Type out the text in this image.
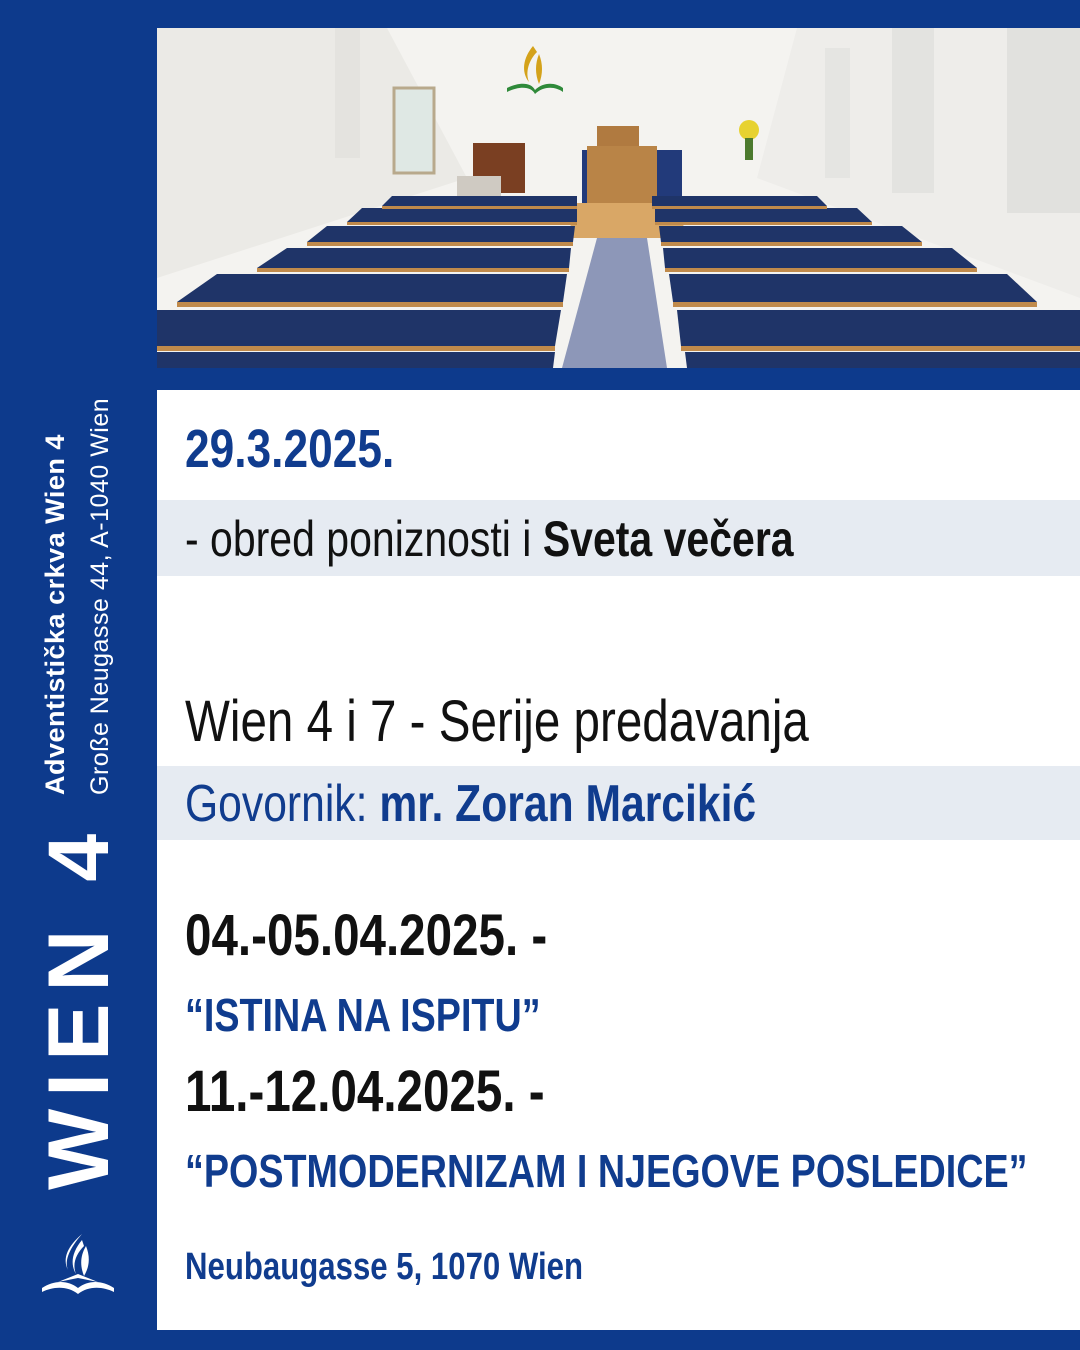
Adventistička crkva Wien 4 Große Neugasse 44, A-1040 Wien
WIEN 4
29.3.2025.
- obred poniznosti i Sveta večera
Wien 4 i 7 - Serije predavanja
Govornik: mr. Zoran Marcikić
04.-05.04.2025. -
“ISTINA NA ISPITU”
11.-12.04.2025. -
“POSTMODERNIZAM I NJEGOVE POSLEDICE”
Neubaugasse 5, 1070 Wien
